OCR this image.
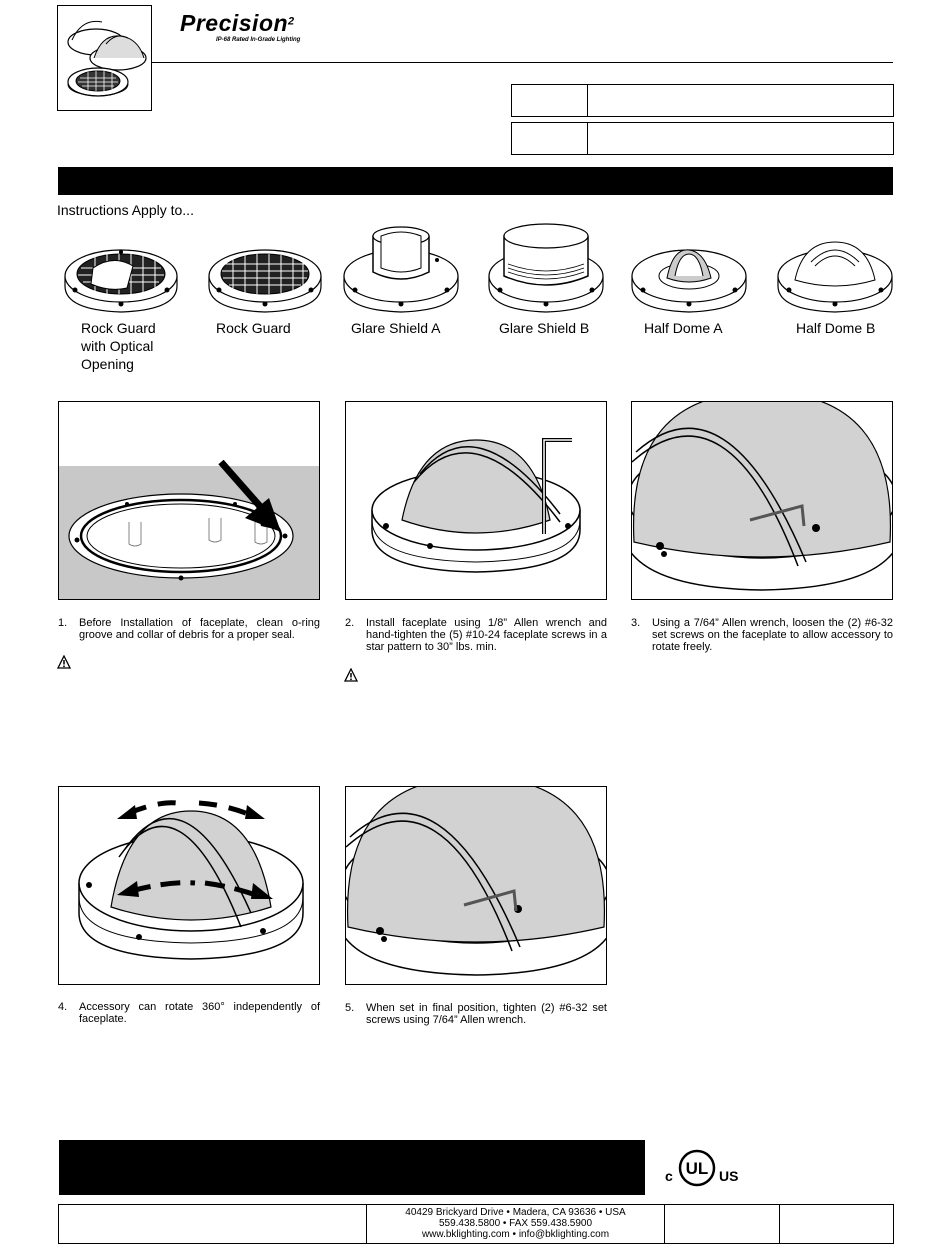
Precision$^2$
IP-68 Rated In-Grade Lighting
Instructions Apply to...
Rock Guard with Optical Opening
Rock Guard	Glare Shield A	Glare Shield B	Half Dome A	Half Dome B
1. Before Installation of faceplate, clean o-ring groove and collar of debris for a proper seal.
2. Install faceplate using 1/8” Allen wrench and hand-tighten the (5) #10-24 faceplate screws in a star pattern to 30” lbs. min.
3. Using a 7/64” Allen wrench, loosen the (2) #6-32 set screws on the faceplate to allow accessory to rotate freely.
4. Accessory can rotate 360° independently of faceplate.
5. When set in final position, tighten (2) #6-32 set screws using 7/64” Allen wrench.
c UL US
40429 Brickyard Drive • Madera, CA 93636 • USA
559.438.5800 • FAX 559.438.5900
www.bklighting.com • info@bklighting.com
